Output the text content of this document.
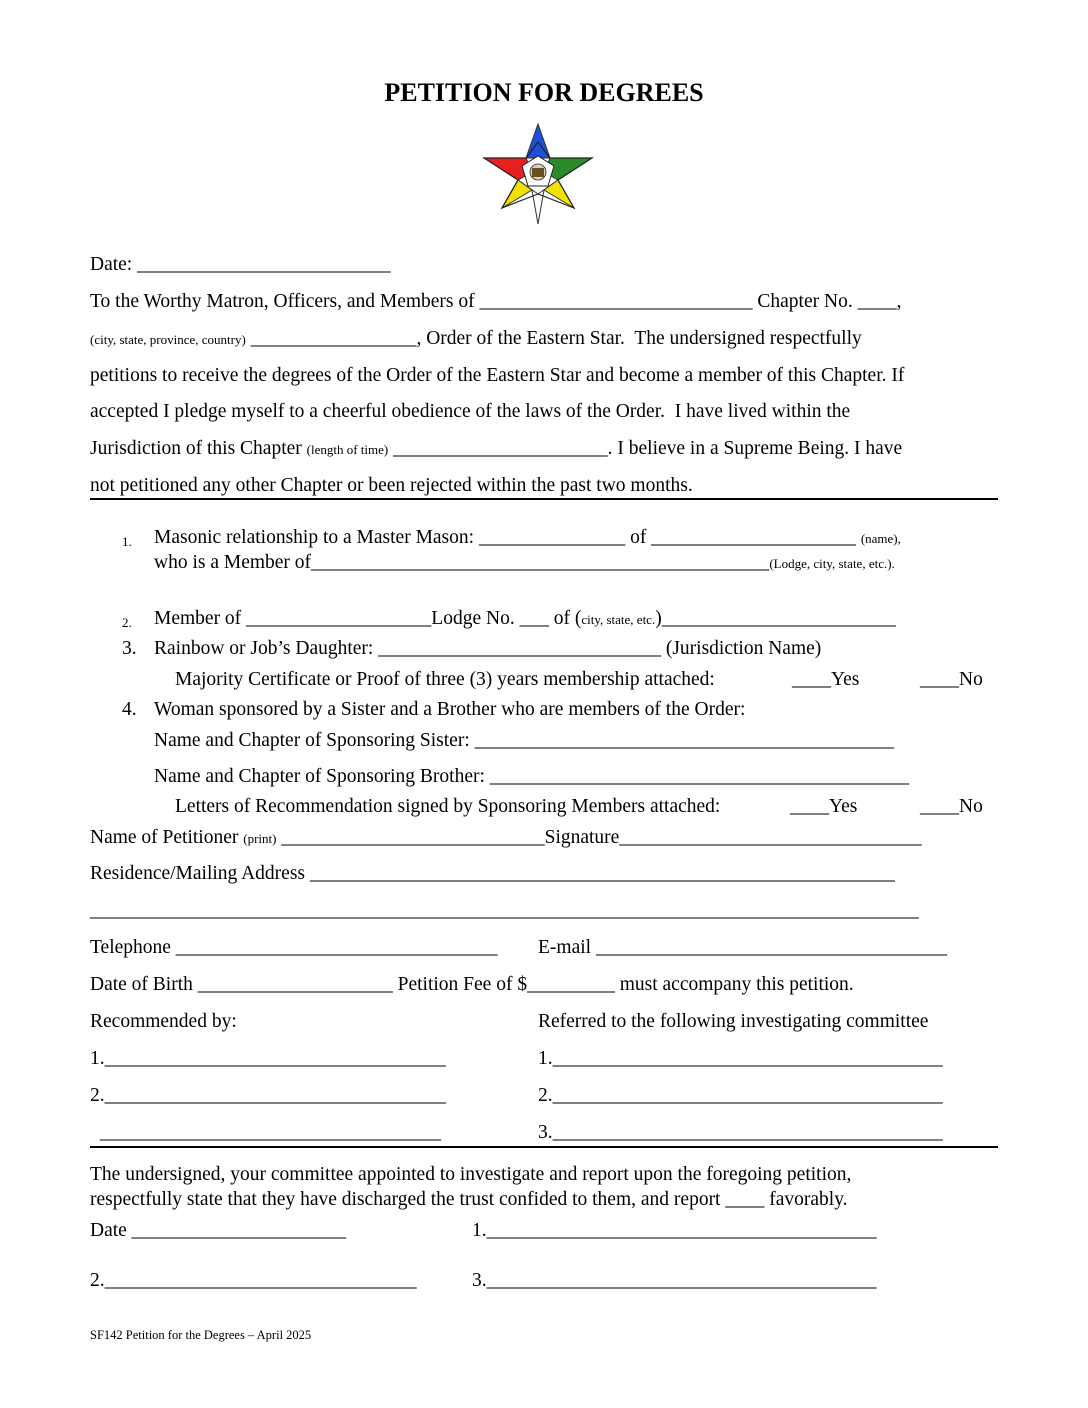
PETITION FOR DEGREES
Date: __________________________
To the Worthy Matron, Officers, and Members of ____________________________ Chapter No. ____,
(city, state, province, country) _________________, Order of the Eastern Star.  The undersigned respectfully
petitions to receive the degrees of the Order of the Eastern Star and become a member of this Chapter. If
accepted I pledge myself to a cheerful obedience of the laws of the Order.  I have lived within the
Jurisdiction of this Chapter (length of time) ______________________. I believe in a Supreme Being. I have
not petitioned any other Chapter or been rejected within the past two months.
1. Masonic relationship to a Master Mason: _______________ of _____________________ (name),
who is a Member of_______________________________________________(Lodge, city, state, etc.).
2. Member of ___________________Lodge No. ___ of (city, state, etc.)________________________
3. Rainbow or Job’s Daughter: _____________________________ (Jurisdiction Name)
Majority Certificate or Proof of three (3) years membership attached:	____Yes	____No
4. Woman sponsored by a Sister and a Brother who are members of the Order:
Name and Chapter of Sponsoring Sister: ___________________________________________
Name and Chapter of Sponsoring Brother: ___________________________________________
Letters of Recommendation signed by Sponsoring Members attached:	____Yes	____No
Name of Petitioner (print) ___________________________Signature_______________________________
Residence/Mailing Address ____________________________________________________________
_____________________________________________________________________________________
Telephone _________________________________ E-mail ____________________________________
Date of Birth ____________________ Petition Fee of $_________ must accompany this petition.
Recommended by:	Referred to the following investigating committee
1.___________________________________	1.________________________________________
2.___________________________________	2.________________________________________
___________________________________	3.________________________________________
The undersigned, your committee appointed to investigate and report upon the foregoing petition,
respectfully state that they have discharged the trust confided to them, and report ____ favorably.
Date ______________________	1.________________________________________
2.________________________________	3.________________________________________
SF142 Petition for the Degrees – April 2025
